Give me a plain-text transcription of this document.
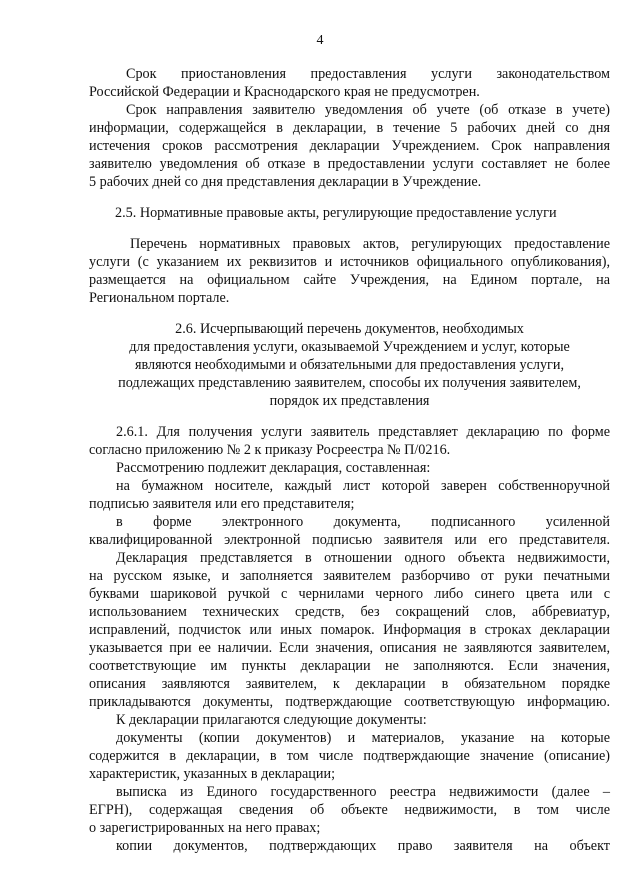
4
Срок приостановления предоставления услуги законодательством
Российской Федерации и Краснодарского края не предусмотрен.
Срок направления заявителю уведомления об учете (об отказе в учете)
информации, содержащейся в декларации, в течение 5 рабочих дней со дня
истечения сроков рассмотрения декларации Учреждением. Срок направления
заявителю уведомления об отказе в предоставлении услуги составляет не более
5 рабочих дней со дня представления декларации в Учреждение.
2.5. Нормативные правовые акты, регулирующие предоставление услуги
Перечень нормативных правовых актов, регулирующих предоставление
услуги (с указанием их реквизитов и источников официального опубликования),
размещается на официальном сайте Учреждения, на Едином портале, на
Региональном портале.
2.6. Исчерпывающий перечень документов, необходимых
для предоставления услуги, оказываемой Учреждением и услуг, которые
являются необходимыми и обязательными для предоставления услуги,
подлежащих представлению заявителем, способы их получения заявителем,
порядок их представления
2.6.1. Для получения услуги заявитель представляет декларацию по форме
согласно приложению № 2 к приказу Росреестра № П/0216.
Рассмотрению подлежит декларация, составленная:
на бумажном носителе, каждый лист которой заверен собственноручной
подписью заявителя или его представителя;
в форме электронного документа, подписанного усиленной
квалифицированной электронной подписью заявителя или его представителя.
Декларация представляется в отношении одного объекта недвижимости,
на русском языке, и заполняется заявителем разборчиво от руки печатными
буквами шариковой ручкой с чернилами черного либо синего цвета или с
использованием технических средств, без сокращений слов, аббревиатур,
исправлений, подчисток или иных помарок. Информация в строках декларации
указывается при ее наличии. Если значения, описания не заявляются заявителем,
соответствующие им пункты декларации не заполняются. Если значения,
описания заявляются заявителем, к декларации в обязательном порядке
прикладываются документы, подтверждающие соответствующую информацию.
К декларации прилагаются следующие документы:
документы (копии документов) и материалов, указание на которые
содержится в декларации, в том числе подтверждающие значение (описание)
характеристик, указанных в декларации;
выписка из Единого государственного реестра недвижимости (далее –
ЕГРН), содержащая сведения об объекте недвижимости, в том числе
о зарегистрированных на него правах;
копии документов, подтверждающих право заявителя на объект
